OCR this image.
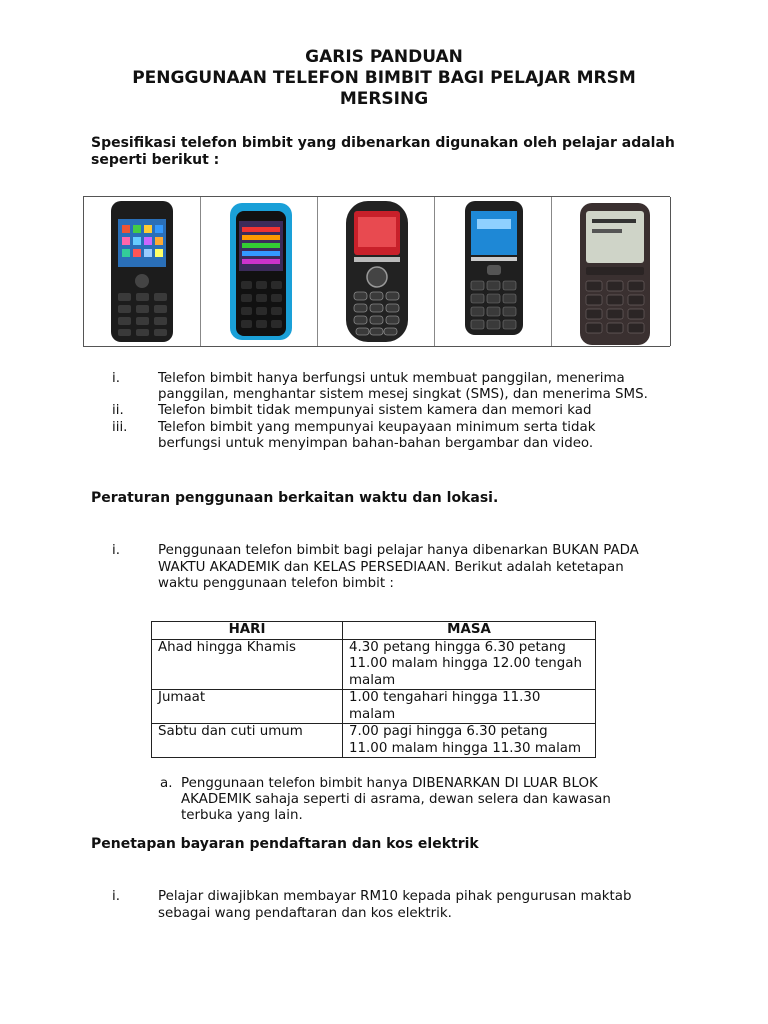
GARIS PANDUAN
PENGGUNAAN TELEFON BIMBIT BAGI PELAJAR MRSM
MERSING
Spesifikasi telefon bimbit yang dibenarkan digunakan oleh pelajar adalah
seperti berikut :
i.	Telefon bimbit hanya berfungsi untuk membuat panggilan, menerima
panggilan, menghantar sistem mesej singkat (SMS), dan menerima SMS.
ii.	Telefon bimbit tidak mempunyai sistem kamera dan memori kad
iii. Telefon bimbit yang mempunyai keupayaan minimum serta tidak
berfungsi untuk menyimpan bahan-bahan bergambar dan video.
Peraturan penggunaan berkaitan waktu dan lokasi.
i.	Penggunaan telefon bimbit bagi pelajar hanya dibenarkan BUKAN PADA
WAKTU AKADEMIK dan KELAS PERSEDIAAN. Berikut adalah ketetapan
waktu penggunaan telefon bimbit :
HARI	MASA
Ahad hingga Khamis	4.30 petang hingga 6.30 petang
11.00 malam hingga 12.00 tengah
malam

Jumaat	1.00 tengahari hingga 11.30
malam

Sabtu dan cuti umum	7.00 pagi hingga 6.30 petang
11.00 malam hingga 11.30 malam
a. Penggunaan telefon bimbit hanya DIBENARKAN DI LUAR BLOK
AKADEMIK sahaja seperti di asrama, dewan selera dan kawasan
terbuka yang lain.
Penetapan bayaran pendaftaran dan kos elektrik
i.	Pelajar diwajibkan membayar RM10 kepada pihak pengurusan maktab
sebagai wang pendaftaran dan kos elektrik.
